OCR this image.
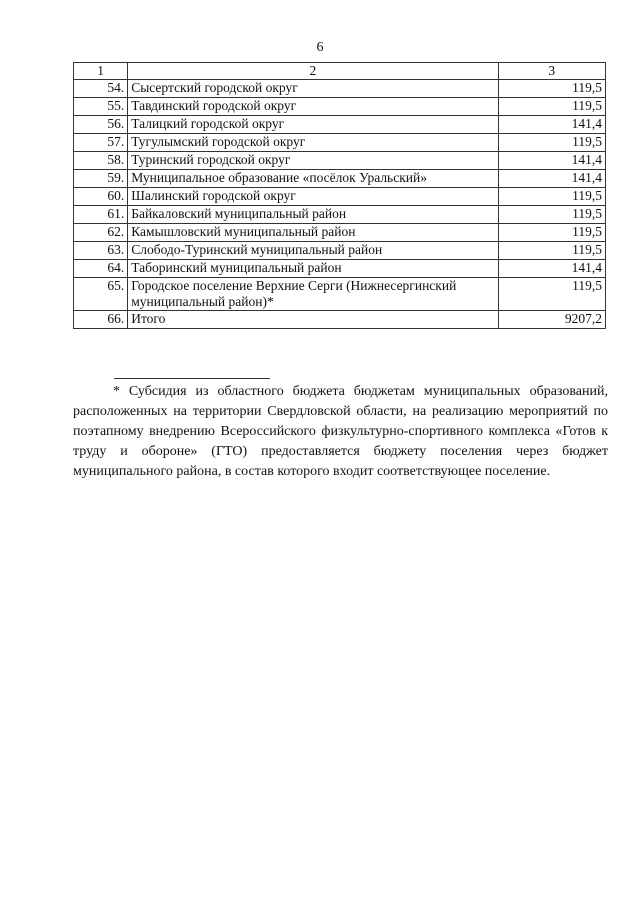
6
1	2	3
54.	Сысертский городской округ	119,5
55.	Тавдинский городской округ	119,5
56.	Талицкий городской округ	141,4
57.	Тугулымский городской округ	119,5
58.	Туринский городской округ	141,4
59.	Муниципальное образование «посёлок Уральский»	141,4
60.	Шалинский городской округ	119,5
61.	Байкаловский муниципальный район	119,5
62.	Камышловский муниципальный район	119,5
63.	Слободо-Туринский муниципальный район	119,5
64.	Таборинский муниципальный район	141,4
65.	Городское поселение Верхние Серги (Нижнесергинский муниципальный район)*	119,5
66.	Итого	9207,2

* Субсидия из областного бюджета бюджетам муниципальных образований, расположенных на территории Свердловской области, на реализацию мероприятий по поэтапному внедрению Всероссийского физкультурно-спортивного комплекса «Готов к труду и обороне» (ГТО) предоставляется бюджету поселения через бюджет муниципального района, в состав которого входит соответствующее поселение.
